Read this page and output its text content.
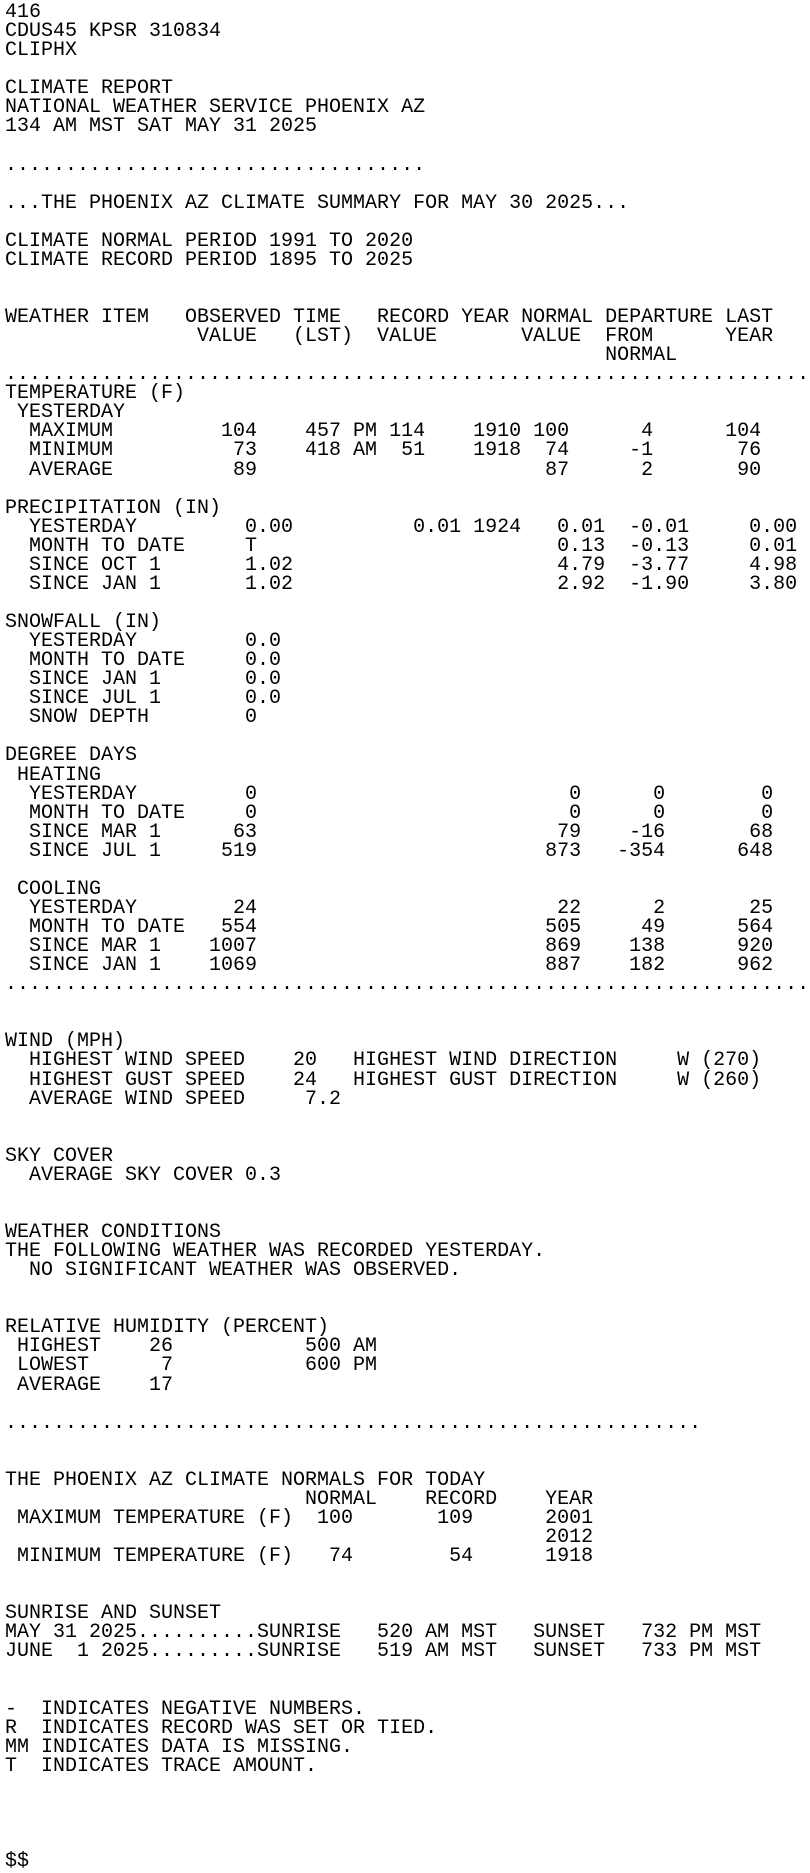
416
CDUS45 KPSR 310834
CLIPHX

CLIMATE REPORT
NATIONAL WEATHER SERVICE PHOENIX AZ
134 AM MST SAT MAY 31 2025

...................................

...THE PHOENIX AZ CLIMATE SUMMARY FOR MAY 30 2025...

CLIMATE NORMAL PERIOD 1991 TO 2020
CLIMATE RECORD PERIOD 1895 TO 2025

WEATHER ITEM   OBSERVED TIME   RECORD YEAR NORMAL DEPARTURE LAST
VALUE   (LST)  VALUE       VALUE  FROM      YEAR
NORMAL
...................................................................
TEMPERATURE (F)
YESTERDAY
MAXIMUM         104    457 PM 114    1910 100      4      104
MINIMUM          73    418 AM  51    1918  74     -1       76
AVERAGE          89                        87      2       90

PRECIPITATION (IN)
YESTERDAY         0.00          0.01 1924   0.01  -0.01     0.00
MONTH TO DATE     T                         0.13  -0.13     0.01
SINCE OCT 1       1.02                      4.79  -3.77     4.98
SINCE JAN 1       1.02                      2.92  -1.90     3.80

SNOWFALL (IN)
YESTERDAY         0.0
MONTH TO DATE     0.0
SINCE JAN 1       0.0
SINCE JUL 1       0.0
SNOW DEPTH        0

DEGREE DAYS
HEATING
YESTERDAY         0                          0      0        0
MONTH TO DATE     0                          0      0        0
SINCE MAR 1      63                         79    -16       68
SINCE JUL 1     519                        873   -354      648

COOLING
YESTERDAY        24                         22      2       25
MONTH TO DATE   554                        505     49      564
SINCE MAR 1    1007                        869    138      920
SINCE JAN 1    1069                        887    182      962
...................................................................

WIND (MPH)
HIGHEST WIND SPEED    20   HIGHEST WIND DIRECTION     W (270)
HIGHEST GUST SPEED    24   HIGHEST GUST DIRECTION     W (260)
AVERAGE WIND SPEED     7.2

SKY COVER
AVERAGE SKY COVER 0.3

WEATHER CONDITIONS
THE FOLLOWING WEATHER WAS RECORDED YESTERDAY.
NO SIGNIFICANT WEATHER WAS OBSERVED.

RELATIVE HUMIDITY (PERCENT)
HIGHEST    26           500 AM
LOWEST      7           600 PM
AVERAGE    17

..........................................................

THE PHOENIX AZ CLIMATE NORMALS FOR TODAY
NORMAL    RECORD    YEAR
MAXIMUM TEMPERATURE (F)  100       109      2001
2012
MINIMUM TEMPERATURE (F)   74        54      1918

SUNRISE AND SUNSET
MAY 31 2025..........SUNRISE   520 AM MST   SUNSET   732 PM MST
JUNE  1 2025.........SUNRISE   519 AM MST   SUNSET   733 PM MST

-  INDICATES NEGATIVE NUMBERS.
R  INDICATES RECORD WAS SET OR TIED.
MM INDICATES DATA IS MISSING.
T  INDICATES TRACE AMOUNT.

$$
